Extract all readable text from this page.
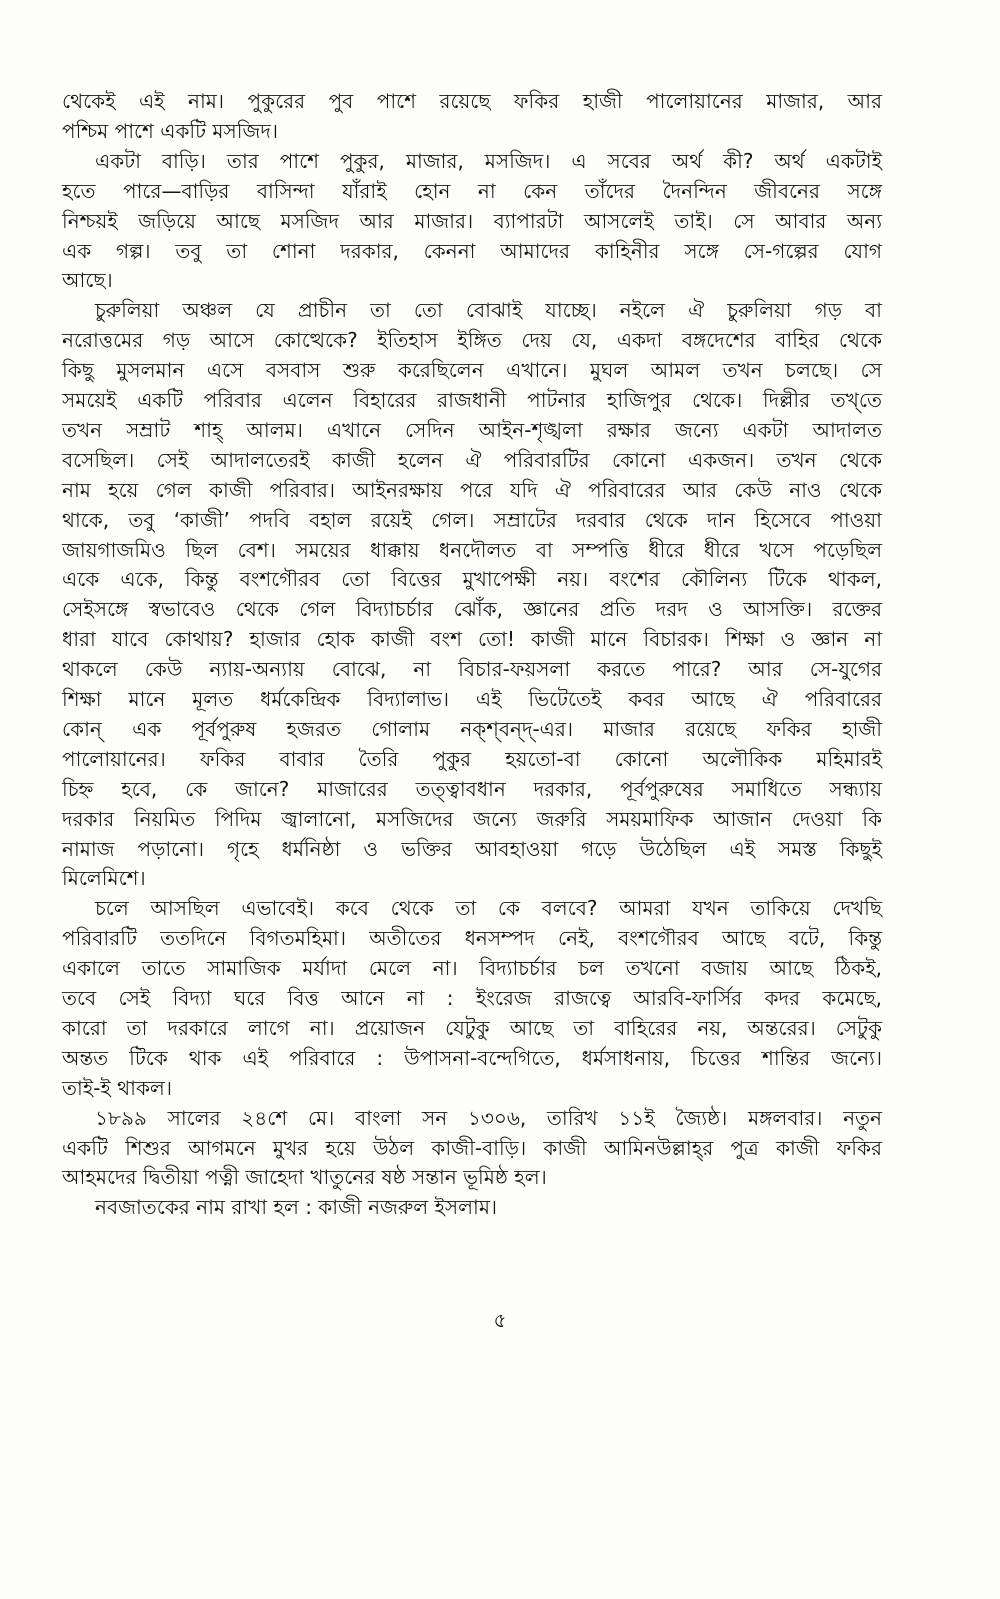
থেকেই এই নাম। পুকুরের পুব পাশে রয়েছে ফকির হাজী পালোয়ানের মাজার, আর
পশ্চিম পাশে একটি মসজিদ।
একটা বাড়ি। তার পাশে পুকুর, মাজার, মসজিদ। এ সবের অর্থ কী? অর্থ একটাই
হতে পারে—বাড়ির বাসিন্দা যাঁরাই হোন না কেন তাঁদের দৈনন্দিন জীবনের সঙ্গে
নিশ্চয়ই জড়িয়ে আছে মসজিদ আর মাজার। ব্যাপারটা আসলেই তাই। সে আবার অন্য
এক গল্প। তবু তা শোনা দরকার, কেননা আমাদের কাহিনীর সঙ্গে সে-গল্পের যোগ
আছে।
চুরুলিয়া অঞ্চল যে প্রাচীন তা তো বোঝাই যাচ্ছে। নইলে ঐ চুরুলিয়া গড় বা
নরোত্তমের গড় আসে কোত্থেকে? ইতিহাস ইঙ্গিত দেয় যে, একদা বঙ্গদেশের বাহির থেকে
কিছু মুসলমান এসে বসবাস শুরু করেছিলেন এখানে। মুঘল আমল তখন চলছে। সে
সময়েই একটি পরিবার এলেন বিহারের রাজধানী পাটনার হাজিপুর থেকে। দিল্লীর তখ্‌তে
তখন সম্রাট শাহ্‌ আলম। এখানে সেদিন আইন-শৃঙ্খলা রক্ষার জন্যে একটা আদালত
বসেছিল। সেই আদালতেরই কাজী হলেন ঐ পরিবারটির কোনো একজন। তখন থেকে
নাম হয়ে গেল কাজী পরিবার। আইনরক্ষায় পরে যদি ঐ পরিবারের আর কেউ নাও থেকে
থাকে, তবু ‘কাজী’ পদবি বহাল রয়েই গেল। সম্রাটের দরবার থেকে দান হিসেবে পাওয়া
জায়গাজমিও ছিল বেশ। সময়ের ধাক্কায় ধনদৌলত বা সম্পত্তি ধীরে ধীরে খসে পড়েছিল
একে একে, কিন্তু বংশগৌরব তো বিত্তের মুখাপেক্ষী নয়। বংশের কৌলিন্য টিকে থাকল,
সেইসঙ্গে স্বভাবেও থেকে গেল বিদ্যাচর্চার ঝোঁক, জ্ঞানের প্রতি দরদ ও আসক্তি। রক্তের
ধারা যাবে কোথায়? হাজার হোক কাজী বংশ তো! কাজী মানে বিচারক। শিক্ষা ও জ্ঞান না
থাকলে কেউ ন্যায়-অন্যায় বোঝে, না বিচার-ফয়সলা করতে পারে? আর সে-যুগের
শিক্ষা মানে মূলত ধর্মকেন্দ্রিক বিদ্যালাভ। এই ভিটেতেই কবর আছে ঐ পরিবারের
কোন্‌ এক পূর্বপুরুষ হজরত গোলাম নক্‌শ্‌বন্দ্‌-এর। মাজার রয়েছে ফকির হাজী
পালোয়ানের। ফকির বাবার তৈরি পুকুর হয়তো-বা কোনো অলৌকিক মহিমারই
চিহ্ন হবে, কে জানে? মাজারের তত্ত্বাবধান দরকার, পূর্বপুরুষের সমাধিতে সন্ধ্যায়
দরকার নিয়মিত পিদিম জ্বালানো, মসজিদের জন্যে জরুরি সময়মাফিক আজান দেওয়া কি
নামাজ পড়ানো। গৃহে ধর্মনিষ্ঠা ও ভক্তির আবহাওয়া গড়ে উঠেছিল এই সমস্ত কিছুই
মিলেমিশে।
চলে আসছিল এভাবেই। কবে থেকে তা কে বলবে? আমরা যখন তাকিয়ে দেখছি
পরিবারটি ততদিনে বিগতমহিমা। অতীতের ধনসম্পদ নেই, বংশগৌরব আছে বটে, কিন্তু
একালে তাতে সামাজিক মর্যাদা মেলে না। বিদ্যাচর্চার চল তখনো বজায় আছে ঠিকই,
তবে সেই বিদ্যা ঘরে বিত্ত আনে না : ইংরেজ রাজত্বে আরবি-ফার্সির কদর কমেছে,
কারো তা দরকারে লাগে না। প্রয়োজন যেটুকু আছে তা বাহিরের নয়, অন্তরের। সেটুকু
অন্তত টিকে থাক এই পরিবারে : উপাসনা-বন্দেগিতে, ধর্মসাধনায়, চিত্তের শান্তির জন্যে।
তাই-ই থাকল।
১৮৯৯ সালের ২৪শে মে। বাংলা সন ১৩০৬, তারিখ ১১ই জ্যৈষ্ঠ। মঙ্গলবার। নতুন
একটি শিশুর আগমনে মুখর হয়ে উঠল কাজী-বাড়ি। কাজী আমিনউল্লাহ্‌র পুত্র কাজী ফকির
আহমদের দ্বিতীয়া পত্নী জাহেদা খাতুনের ষষ্ঠ সন্তান ভূমিষ্ঠ হল।
নবজাতকের নাম রাখা হল : কাজী নজরুল ইসলাম।
৫
